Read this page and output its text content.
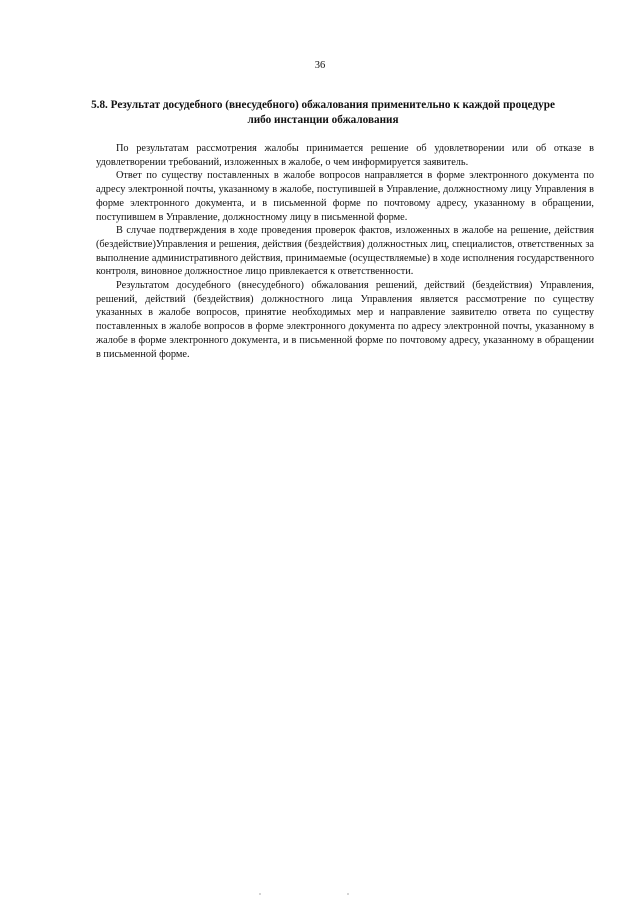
36
5.8. Результат досудебного (внесудебного) обжалования применительно к каждой процедуре либо инстанции обжалования

По результатам рассмотрения жалобы принимается решение об удовлетворении или об отказе в удовлетворении требований, изложенных в жалобе, о чем информируется заявитель.

Ответ по существу поставленных в жалобе вопросов направляется в форме электронного документа по адресу электронной почты, указанному в жалобе, поступившей в Управление, должностному лицу Управления в форме электронного документа, и в письменной форме по почтовому адресу, указанному в обращении, поступившем в Управление, должностному лицу в письменной форме.

В случае подтверждения в ходе проведения проверок фактов, изложенных в жалобе на решение, действия (бездействие)Управления и решения, действия (бездействия) должностных лиц, специалистов, ответственных за выполнение административного действия, принимаемые (осуществляемые) в ходе исполнения государственного контроля, виновное должностное лицо привлекается к ответственности.

Результатом досудебного (внесудебного) обжалования решений, действий (бездействия) Управления, решений, действий (бездействия) должностного лица Управления является рассмотрение по существу указанных в жалобе вопросов, принятие необходимых мер и направление заявителю ответа по существу поставленных в жалобе вопросов в форме электронного документа по адресу электронной почты, указанному в жалобе в форме электронного документа, и в письменной форме по почтовому адресу, указанному в обращении в письменной форме.
